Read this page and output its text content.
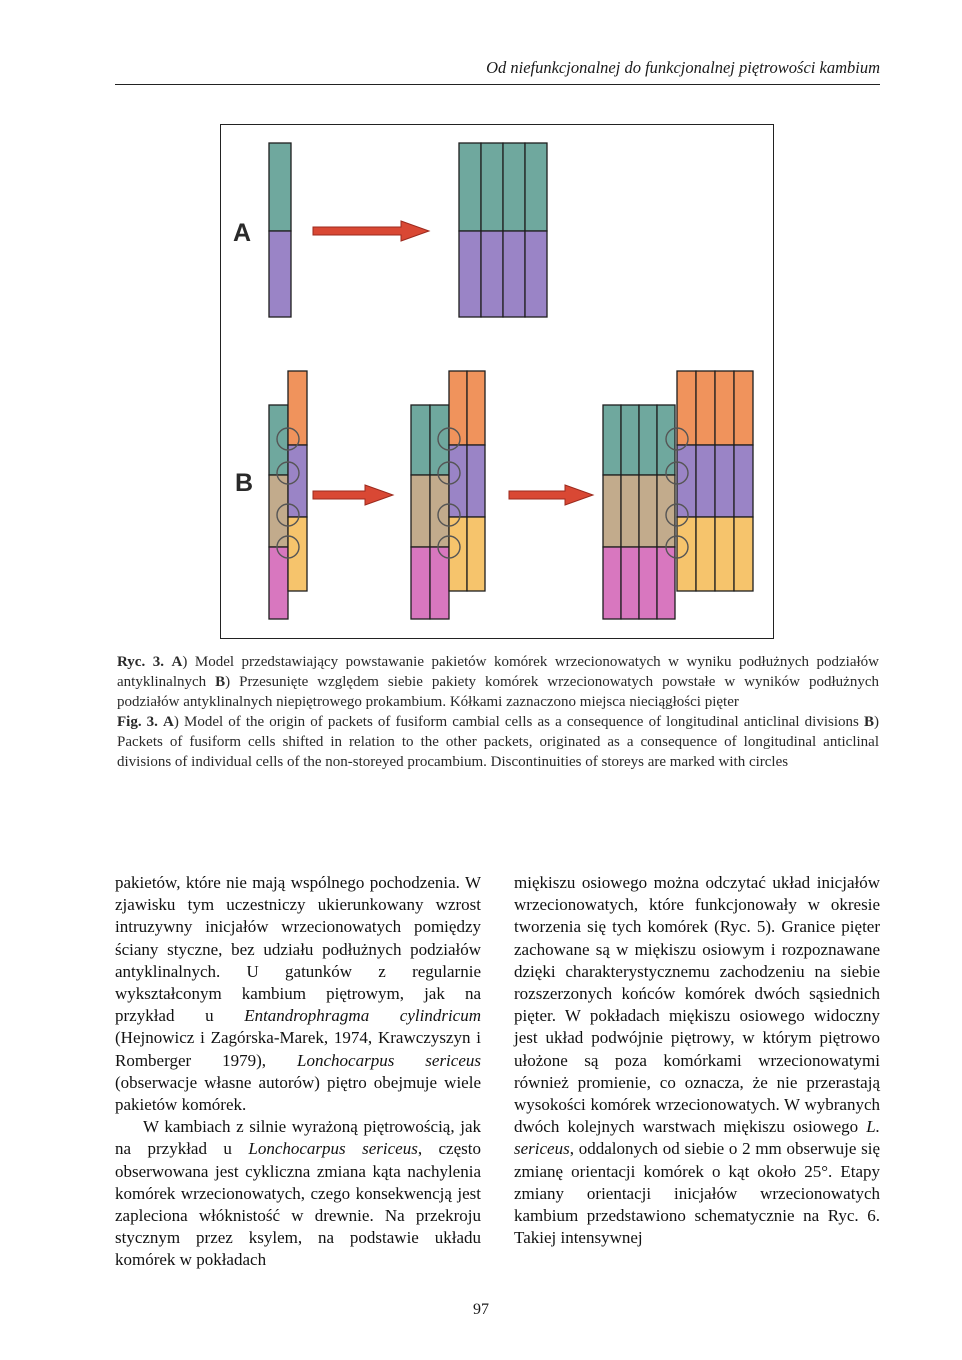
Od niefunkcjonalnej do funkcjonalnej piętrowości kambium
A
B

Ryc. 3. A) Model przedstawiający powstawanie pakietów komórek wrzecionowatych w wyniku podłużnych podziałów antyklinalnych B) Przesunięte względem siebie pakiety komórek wrzecionowatych powstałe w wyników podłużnych podziałów antyklinalnych niepiętrowego prokambium. Kółkami zaznaczono miejsca nieciągłości pięter

Fig. 3. A) Model of the origin of packets of fusiform cambial cells as a consequence of longitudinal anticlinal divisions B) Packets of fusiform cells shifted in relation to the other packets, originated as a consequence of longitudinal anticlinal divisions of individual cells of the non-storeyed procambium. Discontinuities of storeys are marked with circles

pakietów, które nie mają wspólnego pochodzenia. W zjawisku tym uczestniczy ukierunkowany wzrost intruzywny inicjałów wrzecionowatych pomiędzy ściany styczne, bez udziału podłużnych podziałów antyklinalnych. U gatunków z regularnie wykształconym kambium piętrowym, jak na przykład u Entandrophragma cylindricum (Hejnowicz i Zagórska-Marek, 1974, Krawczyszyn i Romberger 1979), Lonchocarpus sericeus (obserwacje własne autorów) piętro obejmuje wiele pakietów komórek.

W kambiach z silnie wyrażoną piętrowością, jak na przykład u Lonchocarpus sericeus, często obserwowana jest cykliczna zmiana kąta nachylenia komórek wrzecionowatych, czego konsekwencją jest zapleciona włóknistość w drewnie. Na przekroju stycznym przez ksylem, na podstawie układu komórek w pokładach

miękiszu osiowego można odczytać układ inicjałów wrzecionowatych, które funkcjonowały w okresie tworzenia się tych komórek (Ryc. 5). Granice pięter zachowane są w miękiszu osiowym i rozpoznawane dzięki charakterystycznemu zachodzeniu na siebie rozszerzonych końców komórek dwóch sąsiednich pięter. W pokładach miękiszu osiowego widoczny jest układ podwójnie piętrowy, w którym piętrowo ułożone są poza komórkami wrzecionowatymi również promienie, co oznacza, że nie przerastają wysokości komórek wrzecionowatych. W wybranych dwóch kolejnych warstwach miękiszu osiowego L. sericeus, oddalonych od siebie o 2 mm obserwuje się zmianę orientacji komórek o kąt około 25°. Etapy zmiany orientacji inicjałów wrzecionowatych kambium przedstawiono schematycznie na Ryc. 6. Takiej intensywnej

97
